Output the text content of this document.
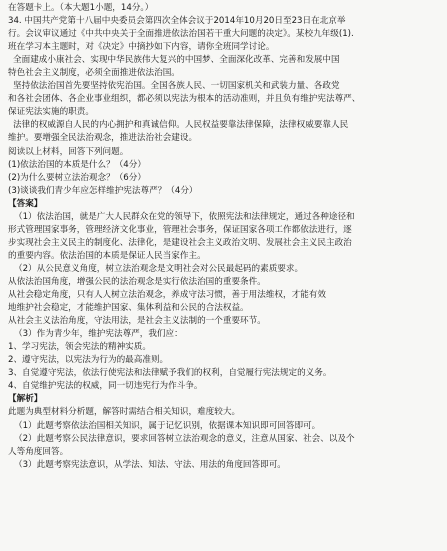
在答题卡上。（本大题1小题，14分。）
34. 中国共产党第十八届中央委员会第四次全体会议于2014年10月20日至23日在北京举
行。会议审议通过《中共中央关于全面推进依法治国若干重大问题的决定》。某校九年级(1).
班在学习本主题时，对《决定》中摘抄如下内容，请你全班同学讨论。
全面建成小康社会、实现中华民族伟大复兴的中国梦、全面深化改革、完善和发展中国
特色社会主义制度，必须全面推进依法治国。
坚持依法治国首先要坚持依宪治国。全国各族人民、一切国家机关和武装力量、各政党
和各社会团体、各企业事业组织，都必须以宪法为根本的活动准则，并且负有维护宪法尊严、
保证宪法实施的职责。
法律的权威源自人民的内心拥护和真诚信仰。人民权益要靠法律保障，法律权威要靠人民
维护。要增强全民法治观念，推进法治社会建设。
阅读以上材料，回答下列问题。
(1)依法治国的本质是什么？（4分）
(2)为什么要树立法治观念？（6分）
(3)谈谈我们青少年应怎样维护宪法尊严？（4分）
【答案】
（1）依法治国，就是广大人民群众在党的领导下，依照宪法和法律规定，通过各种途径和
形式管理国家事务，管理经济文化事业，管理社会事务，保证国家各项工作都依法进行，逐
步实现社会主义民主的制度化、法律化，是建设社会主义政治文明、发展社会主义民主政治
的重要内容。依法治国的本质是保证人民当家作主。
（2）从公民意义角度，树立法治观念是文明社会对公民最起码的素质要求。
从依法治国角度，增强公民的法治观念是实行依法治国的重要条件。
从社会稳定角度，只有人人树立法治观念，养成守法习惯，善于用法维权，才能有效
地维护社会稳定，才能维护国家、集体利益和公民的合法权益。
从社会主义法治角度，守法用法，是社会主义法制的一个重要环节。
（3）作为青少年，维护宪法尊严，我们应：
1、学习宪法，领会宪法的精神实质。
2、遵守宪法，以宪法为行为的最高准则。
3、自觉遵守宪法，依法行使宪法和法律赋予我们的权利，自觉履行宪法规定的义务。
4、自觉维护宪法的权威，同一切违宪行为作斗争。
【解析】
此题为典型材料分析题，解答时需结合相关知识，难度较大。
（1）此题考察依法治国相关知识，属于记忆识别，依据课本知识即可回答即可。
（2）此题考察公民法律意识，要求回答树立法治观念的意义，注意从国家、社会、以及个
人等角度回答。
（3）此题考察宪法意识，从学法、知法、守法、用法的角度回答即可。
